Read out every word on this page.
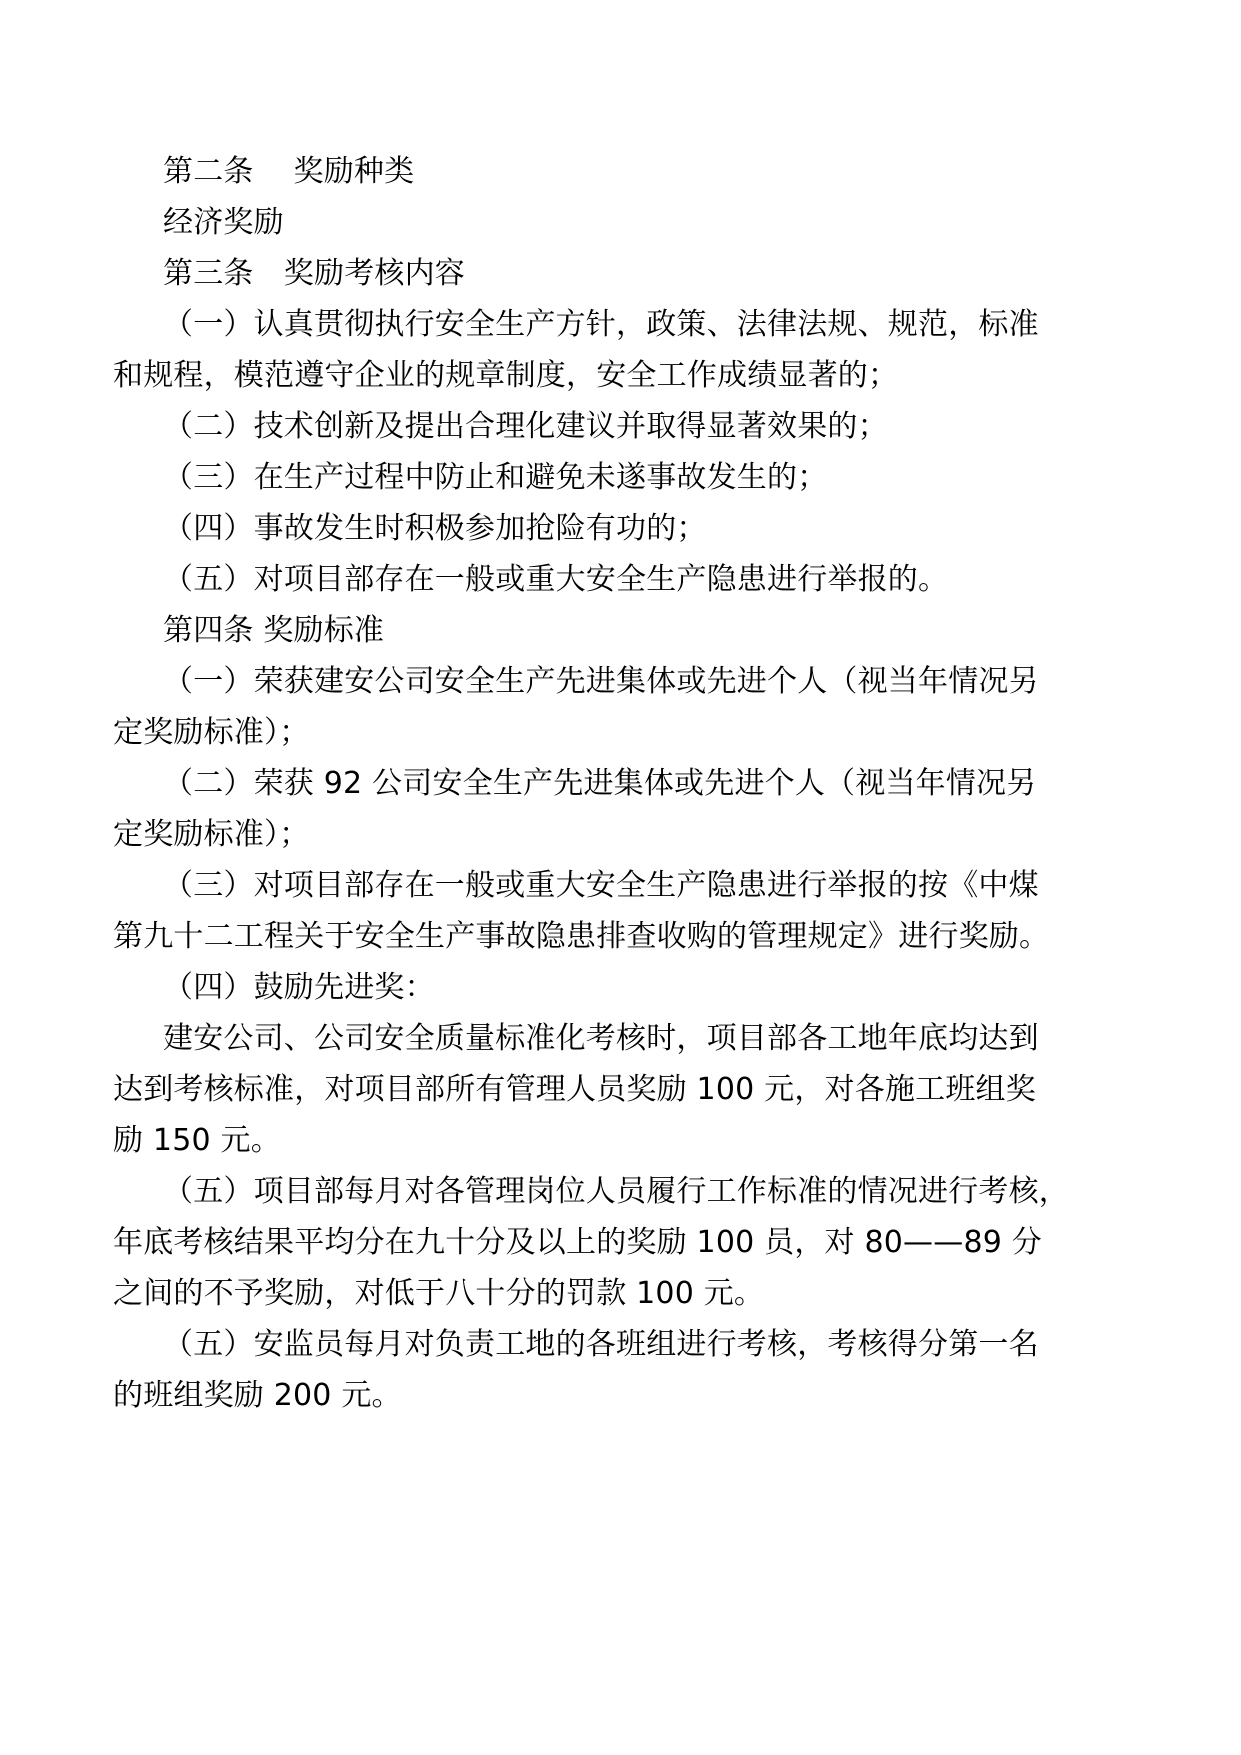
第二条　 奖励种类
经济奖励
第三条　奖励考核内容
（一）认真贯彻执行安全生产方针，政策、法律法规、规范，标准
和规程，模范遵守企业的规章制度，安全工作成绩显著的；
（二）技术创新及提出合理化建议并取得显著效果的；
（三）在生产过程中防止和避免未遂事故发生的；
（四）事故发生时积极参加抢险有功的；
（五）对项目部存在一般或重大安全生产隐患进行举报的。
第四条 奖励标准
（一）荣获建安公司安全生产先进集体或先进个人（视当年情况另
定奖励标准）；
（二）荣获 92 公司安全生产先进集体或先进个人（视当年情况另
定奖励标准）；
（三）对项目部存在一般或重大安全生产隐患进行举报的按《中煤
第九十二工程关于安全生产事故隐患排查收购的管理规定》进行奖励。
（四）鼓励先进奖：
建安公司、公司安全质量标准化考核时，项目部各工地年底均达到
达到考核标准，对项目部所有管理人员奖励 100 元，对各施工班组奖
励 150 元。
（五）项目部每月对各管理岗位人员履行工作标准的情况进行考核，
年底考核结果平均分在九十分及以上的奖励 100 员，对 80——89 分
之间的不予奖励，对低于八十分的罚款 100 元。
（五）安监员每月对负责工地的各班组进行考核，考核得分第一名
的班组奖励 200 元。
